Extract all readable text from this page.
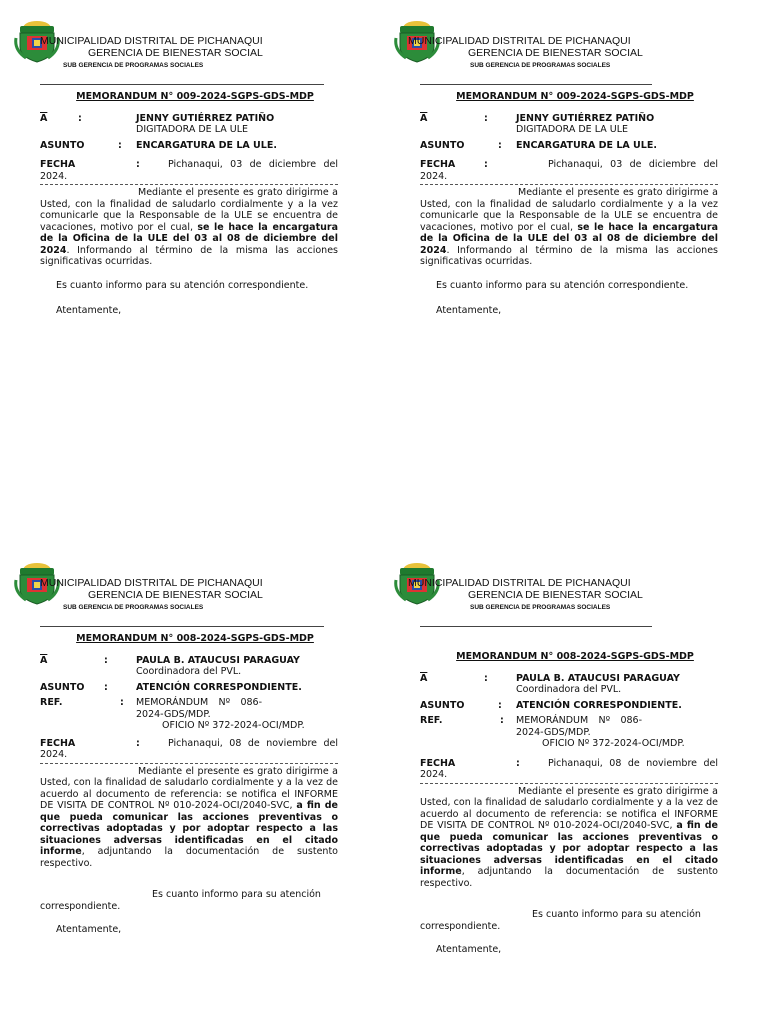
MUNICIPALIDAD DISTRITAL DE PICHANAQUI
GERENCIA DE BIENESTAR SOCIAL
SUB GERENCIA DE PROGRAMAS SOCIALES
MEMORANDUM N° 009-2024-SGPS-GDS-MDP
$\overline{A}$	:	JENNY GUTIÉRREZ PATIÑO
DIGITADORA DE LA ULE
ASUNTO	: ENCARGATURA DE LA ULE.
FECHA	:	Pichanaqui, 03 de diciembre del 2024.
Mediante el presente es grato dirigirme a Usted, con la finalidad de saludarlo cordialmente y a la vez comunicarle que la Responsable de la ULE se encuentra de vacaciones, motivo por el cual, se le hace la encargatura de la Oficina de la ULE del 03 al 08 de diciembre del 2024. Informando al término de la misma las acciones significativas ocurridas.
Es cuanto informo para su atención correspondiente.
Atentamente,
MUNICIPALIDAD DISTRITAL DE PICHANAQUI
GERENCIA DE BIENESTAR SOCIAL
SUB GERENCIA DE PROGRAMAS SOCIALES
MEMORANDUM N° 009-2024-SGPS-GDS-MDP
$\overline{A}$	:	JENNY GUTIÉRREZ PATIÑO
DIGITADORA DE LA ULE
ASUNTO	: ENCARGATURA DE LA ULE.
FECHA	:	Pichanaqui, 03 de diciembre del 2024.
Mediante el presente es grato dirigirme a Usted, con la finalidad de saludarlo cordialmente y a la vez comunicarle que la Responsable de la ULE se encuentra de vacaciones, motivo por el cual, se le hace la encargatura de la Oficina de la ULE del 03 al 08 de diciembre del 2024. Informando al término de la misma las acciones significativas ocurridas.
Es cuanto informo para su atención correspondiente.
Atentamente,
MUNICIPALIDAD DISTRITAL DE PICHANAQUI
GERENCIA DE BIENESTAR SOCIAL
SUB GERENCIA DE PROGRAMAS SOCIALES
MEMORANDUM N° 008-2024-SGPS-GDS-MDP
$\overline{A}$	:	PAULA B. ATAUCUSI PARAGUAY
Coordinadora del PVL.
ASUNTO :	ATENCIÓN CORRESPONDIENTE.
REF.	: MEMORÁNDUM Nº 086-2024-GDS/MDP.
OFICIO Nº 372-2024-OCI/MDP.
FECHA	:	Pichanaqui, 08 de noviembre del 2024.
Mediante el presente es grato dirigirme a Usted, con la finalidad de saludarlo cordialmente y a la vez de acuerdo al documento de referencia: se notifica el INFORME DE VISITA DE CONTROL Nº 010-2024-OCI/2040-SVC, a fin de que pueda comunicar las acciones preventivas o correctivas adoptadas y por adoptar respecto a las situaciones adversas identificadas en el citado informe, adjuntando la documentación de sustento respectivo.
Es cuanto informo para su atención correspondiente.
Atentamente,
MUNICIPALIDAD DISTRITAL DE PICHANAQUI
GERENCIA DE BIENESTAR SOCIAL
SUB GERENCIA DE PROGRAMAS SOCIALES
MEMORANDUM N° 008-2024-SGPS-GDS-MDP
$\overline{A}$	:	PAULA B. ATAUCUSI PARAGUAY
Coordinadora del PVL.
ASUNTO	: ATENCIÓN CORRESPONDIENTE.
REF.	: MEMORÁNDUM Nº 086-2024-GDS/MDP.
OFICIO Nº 372-2024-OCI/MDP.
FECHA	:	Pichanaqui, 08 de noviembre del 2024.
Mediante el presente es grato dirigirme a Usted, con la finalidad de saludarlo cordialmente y a la vez de acuerdo al documento de referencia: se notifica el INFORME DE VISITA DE CONTROL Nº 010-2024-OCI/2040-SVC, a fin de que pueda comunicar las acciones preventivas o correctivas adoptadas y por adoptar respecto a las situaciones adversas identificadas en el citado informe, adjuntando la documentación de sustento respectivo.
Es cuanto informo para su atención correspondiente.
Atentamente,
